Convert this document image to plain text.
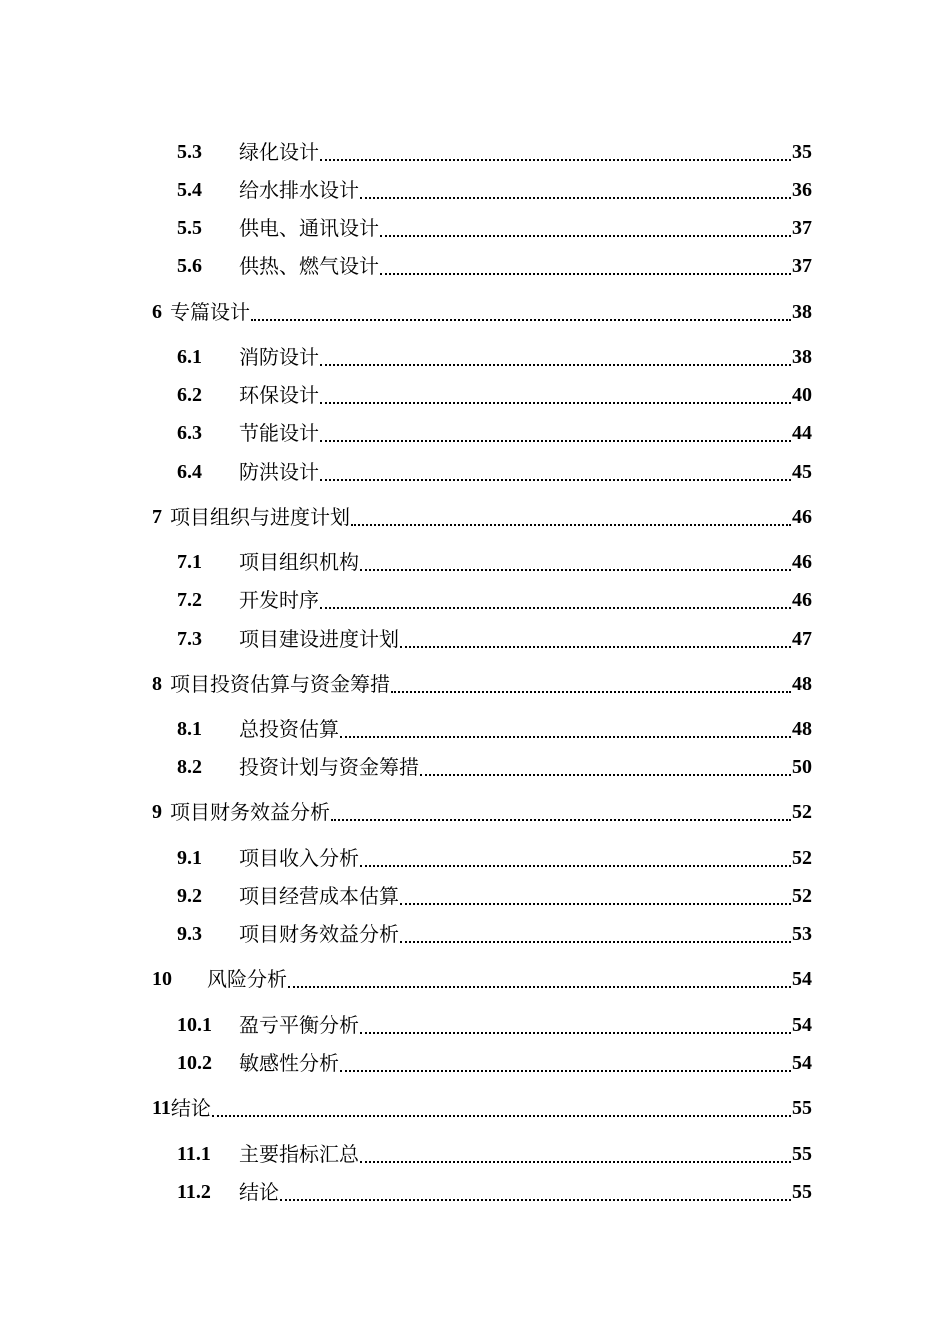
5.3	绿化设计	35
5.4	给水排水设计	36
5.5	供电、通讯设计	37
5.6	供热、燃气设计	37
6 专篇设计	38
6.1	消防设计	38
6.2	环保设计	40
6.3	节能设计	44
6.4	防洪设计	45
7 项目组织与进度计划	46
7.1	项目组织机构	46
7.2	开发时序	46
7.3	项目建设进度计划	47
8 项目投资估算与资金筹措	48
8.1	总投资估算	48
8.2	投资计划与资金筹措	50
9 项目财务效益分析	52
9.1	项目收入分析	52
9.2	项目经营成本估算	52
9.3	项目财务效益分析	53
10	风险分析	54
10.1	盈亏平衡分析	54
10.2	敏感性分析	54
11 结论	55
11.1	主要指标汇总	55
11.2	结论	55
